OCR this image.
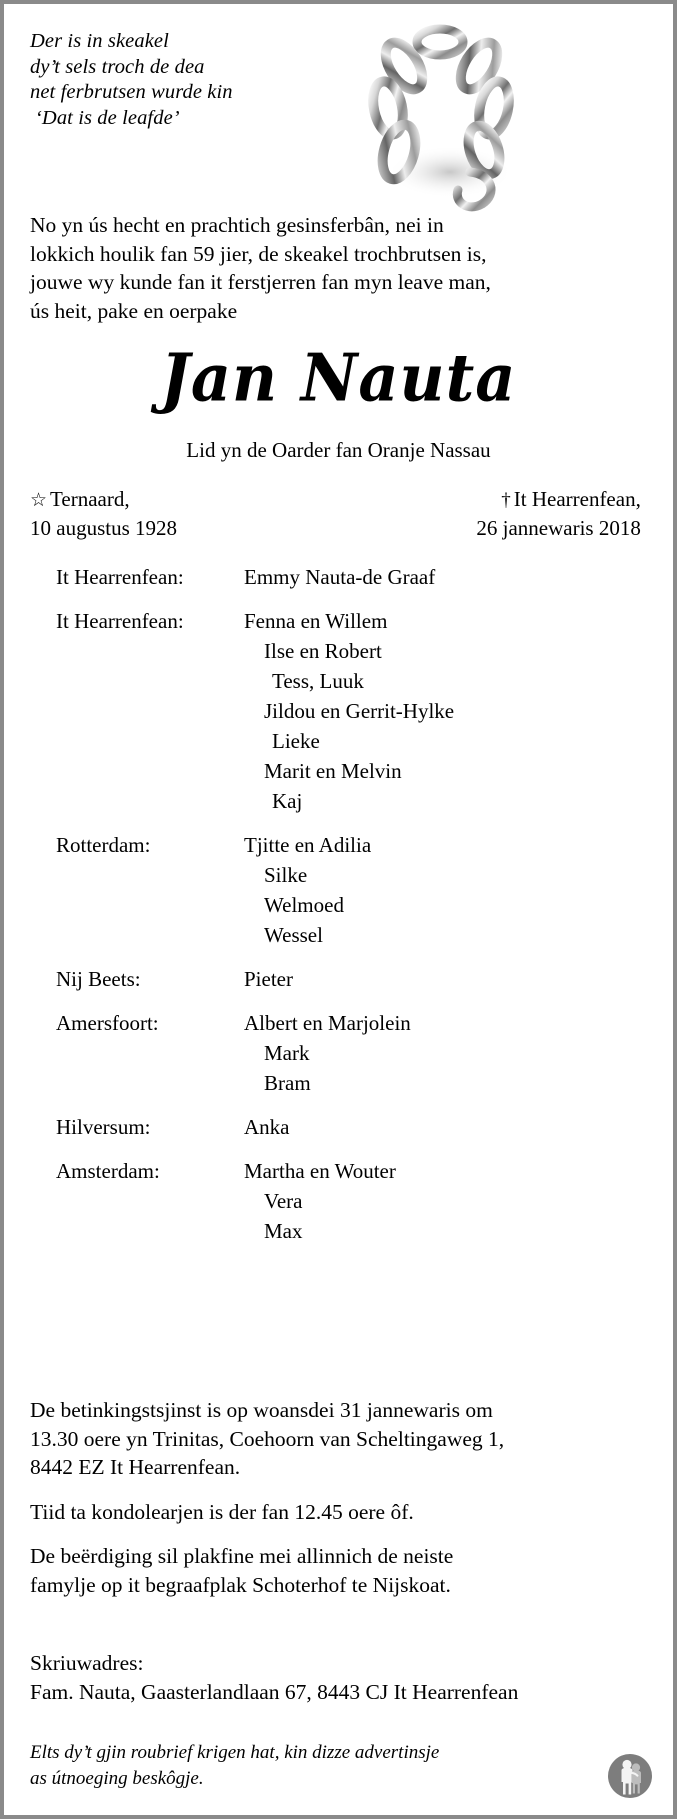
Der is in skeakel
dy’t sels troch de dea
net ferbrutsen wurde kin
‘Dat is de leafde’
No yn ús hecht en prachtich gesinsferbân, nei in
lokkich houlik fan 59 jier, de skeakel trochbrutsen is,
jouwe wy kunde fan it ferstjerren fan myn leave man,
ús heit, pake en oerpake
Jan Nauta
Lid yn de Oarder fan Oranje Nassau
☆ Ternaard,
10 augustus 1928
† It Hearrenfean,
26 jannewaris 2018
It Hearrenfean:	Emmy Nauta-de Graaf
It Hearrenfean:	Fenna en Willem
Ilse en Robert
Tess, Luuk
Jildou en Gerrit-Hylke
Lieke
Marit en Melvin
Kaj
Rotterdam:	Tjitte en Adilia
Silke
Welmoed
Wessel
Nij Beets:	Pieter
Amersfoort:	Albert en Marjolein
Mark
Bram
Hilversum:	Anka
Amsterdam:	Martha en Wouter
Vera
Max

De betinkingstsjinst is op woansdei 31 jannewaris om
13.30 oere yn Trinitas, Coehoorn van Scheltingaweg 1,
8442 EZ It Hearrenfean.

Tiid ta kondolearjen is der fan 12.45 oere ôf.

De beërdiging sil plakfine mei allinnich de neiste
famylje op it begraafplak Schoterhof te Nijskoat.

Skriuwadres:
Fam. Nauta, Gaasterlandlaan 67, 8443 CJ It Hearrenfean
Elts dy’t gjin roubrief krigen hat, kin dizze advertinsje
as útnoeging beskôgje.
